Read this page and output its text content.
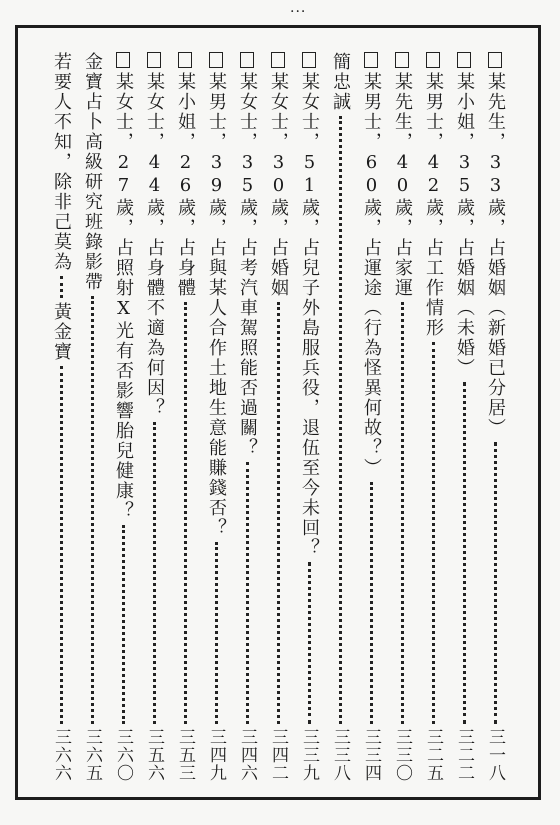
...
某先生，33歲，占婚姻（新婚已分居）
三一八
某小姐，35歲，占婚姻（未婚）
三二二
某男士，42歲，占工作情形
三二五
某先生，40歲，占家運
三三〇
某男士，60歲，占運途（行為怪異何故？）
三三四
簡忠誠
三三八
某女士，51歲，占兒子外島服兵役，退伍至今未回？
三三九
某女士，30歲，占婚姻
三四二
某女士，35歲，占考汽車駕照能否過關？
三四六
某男士，39歲，占與某人合作土地生意能賺錢否？
三四九
某小姐，26歲，占身體
三五三
某女士，44歲，占身體不適為何因？
三五六
某女士，27歲，占照射X光有否影響胎兒健康？
三六〇
金寶占卜高級研究班錄影帶
三六五
若要人不知，除非己莫為
黃金寶
三六六
